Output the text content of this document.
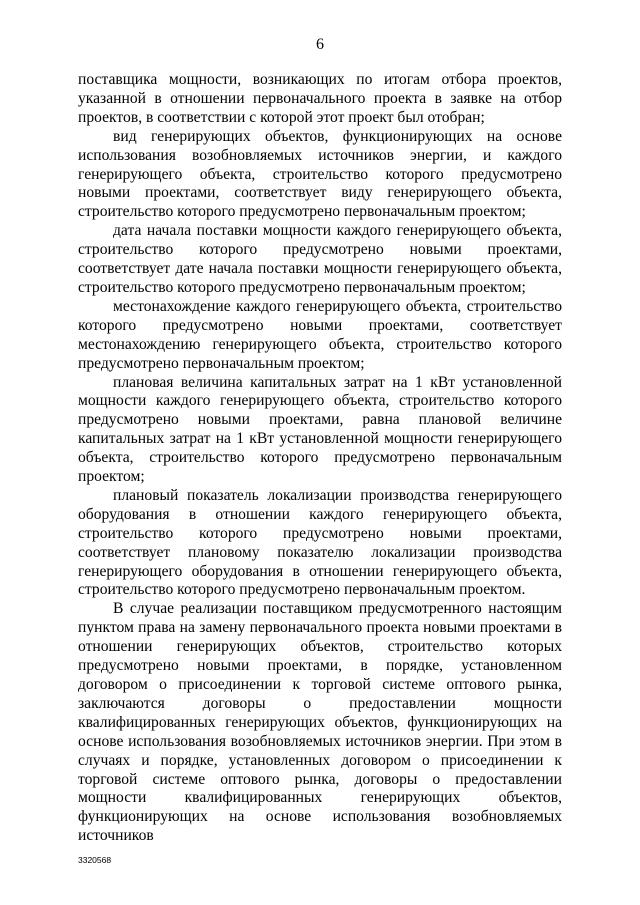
6

поставщика мощности, возникающих по итогам отбора проектов, указанной в отношении первоначального проекта в заявке на отбор проектов, в соответствии с которой этот проект был отобран;

вид генерирующих объектов, функционирующих на основе использования возобновляемых источников энергии, и каждого генерирующего объекта, строительство которого предусмотрено новыми проектами, соответствует виду генерирующего объекта, строительство которого предусмотрено первоначальным проектом;

дата начала поставки мощности каждого генерирующего объекта, строительство которого предусмотрено новыми проектами, соответствует дате начала поставки мощности генерирующего объекта, строительство которого предусмотрено первоначальным проектом;

местонахождение каждого генерирующего объекта, строительство которого предусмотрено новыми проектами, соответствует местонахождению генерирующего объекта, строительство которого предусмотрено первоначальным проектом;

плановая величина капитальных затрат на 1 кВт установленной мощности каждого генерирующего объекта, строительство которого предусмотрено новыми проектами, равна плановой величине капитальных затрат на 1 кВт установленной мощности генерирующего объекта, строительство которого предусмотрено первоначальным проектом;

плановый показатель локализации производства генерирующего оборудования в отношении каждого генерирующего объекта, строительство которого предусмотрено новыми проектами, соответствует плановому показателю локализации производства генерирующего оборудования в отношении генерирующего объекта, строительство которого предусмотрено первоначальным проектом.

В случае реализации поставщиком предусмотренного настоящим пунктом права на замену первоначального проекта новыми проектами в отношении генерирующих объектов, строительство которых предусмотрено новыми проектами, в порядке, установленном договором о присоединении к торговой системе оптового рынка, заключаются договоры о предоставлении мощности квалифицированных генерирующих объектов, функционирующих на основе использования возобновляемых источников энергии. При этом в случаях и порядке, установленных договором о присоединении к торговой системе оптового рынка, договоры о предоставлении мощности квалифицированных генерирующих объектов, функционирующих на основе использования возобновляемых источников

3320568
